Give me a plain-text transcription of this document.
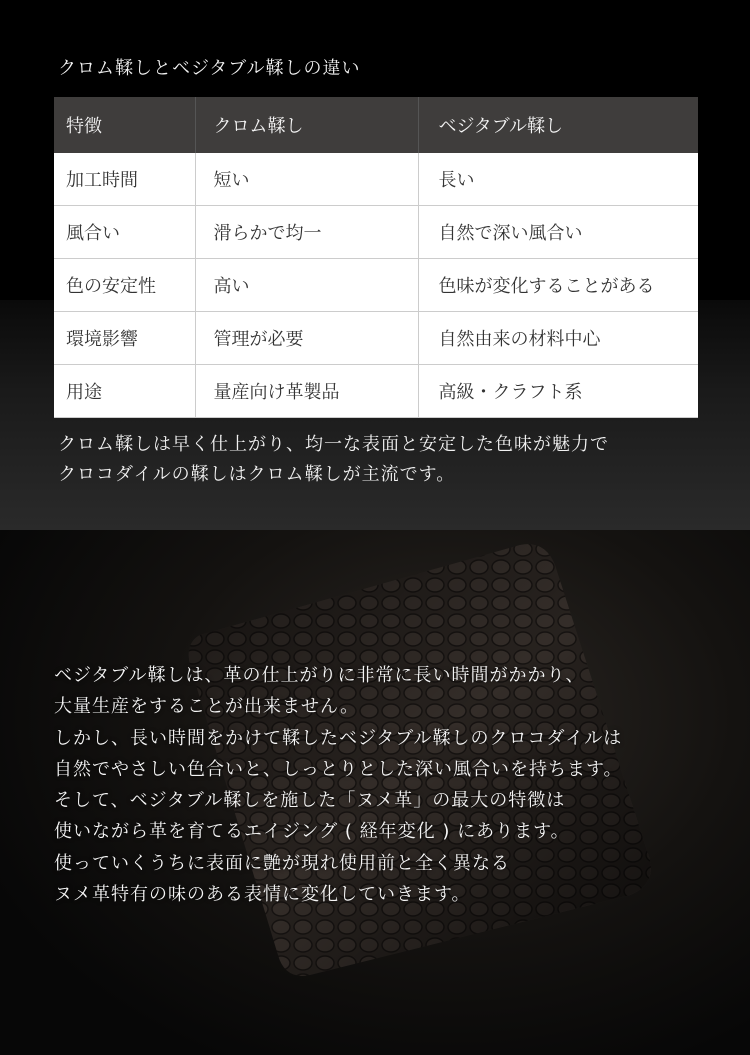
クロム鞣しとベジタブル鞣しの違い
特徴	クロム鞣し	ベジタブル鞣し
加工時間	短い	長い
風合い	滑らかで均一	自然で深い風合い
色の安定性	高い	色味が変化することがある
環境影響	管理が必要	自然由来の材料中心
用途	量産向け革製品	高級・クラフト系
クロム鞣しは早く仕上がり、均一な表面と安定した色味が魅力で
クロコダイルの鞣しはクロム鞣しが主流です。
ベジタブル鞣しは、革の仕上がりに非常に長い時間がかかり、
大量生産をすることが出来ません。
しかし、長い時間をかけて鞣したベジタブル鞣しのクロコダイルは
自然でやさしい色合いと、しっとりとした深い風合いを持ちます。
そして、ベジタブル鞣しを施した「ヌメ革」の最大の特徴は
使いながら革を育てるエイジング ( 経年変化 ) にあります。
使っていくうちに表面に艶が現れ使用前と全く異なる
ヌメ革特有の味のある表情に変化していきます。
